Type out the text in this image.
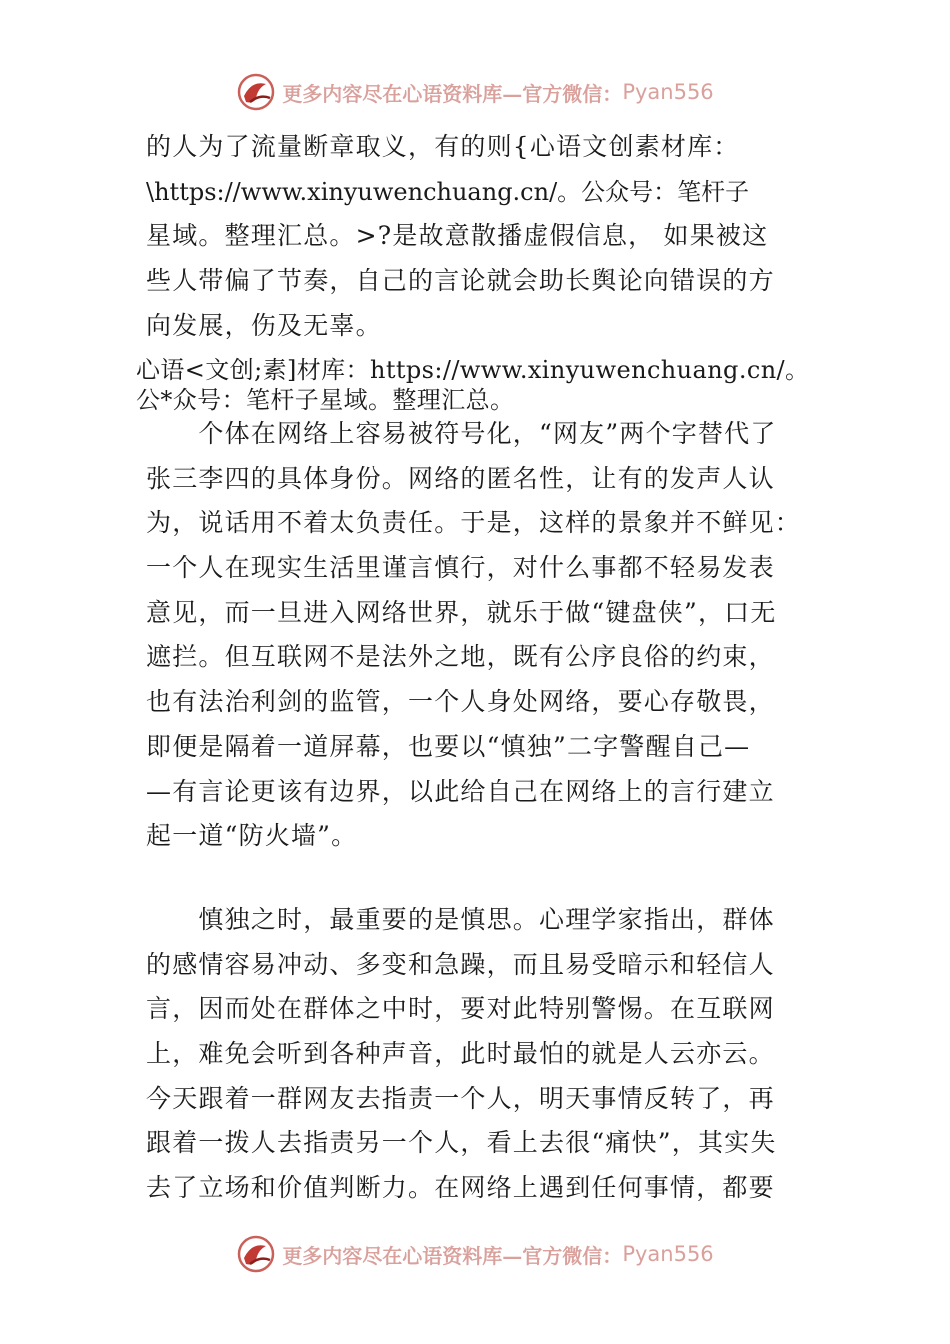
更多内容尽在心语资料库—官方微信： Pyan556
的人为了流量断章取义，有的则{心语文创素材库：
\https://www.xinyuwenchuang.cn/。公众号：笔杆子
星域。整理汇总。>?是故意散播虚假信息， 如果被这
些人带偏了节奏，自己的言论就会助长舆论向错误的方
向发展，伤及无辜。
心语<文创;素]材库：https://www.xinyuwenchuang.cn/。
公*众号：笔杆子星域。整理汇总。
　　个体在网络上容易被符号化，“网友”两个字替代了
张三李四的具体身份。网络的匿名性，让有的发声人认
为，说话用不着太负责任。于是，这样的景象并不鲜见：
一个人在现实生活里谨言慎行，对什么事都不轻易发表
意见，而一旦进入网络世界，就乐于做“键盘侠”，口无
遮拦。但互联网不是法外之地，既有公序良俗的约束，
也有法治利剑的监管，一个人身处网络，要心存敬畏，
即便是隔着一道屏幕，也要以“慎独”二字警醒自己—
—有言论更该有边界，以此给自己在网络上的言行建立
起一道“防火墙”。
　　慎独之时，最重要的是慎思。心理学家指出，群体
的感情容易冲动、多变和急躁，而且易受暗示和轻信人
言，因而处在群体之中时，要对此特别警惕。在互联网
上，难免会听到各种声音，此时最怕的就是人云亦云。
今天跟着一群网友去指责一个人，明天事情反转了，再
跟着一拨人去指责另一个人，看上去很“痛快”，其实失
去了立场和价值判断力。在网络上遇到任何事情，都要
更多内容尽在心语资料库—官方微信： Pyan556
